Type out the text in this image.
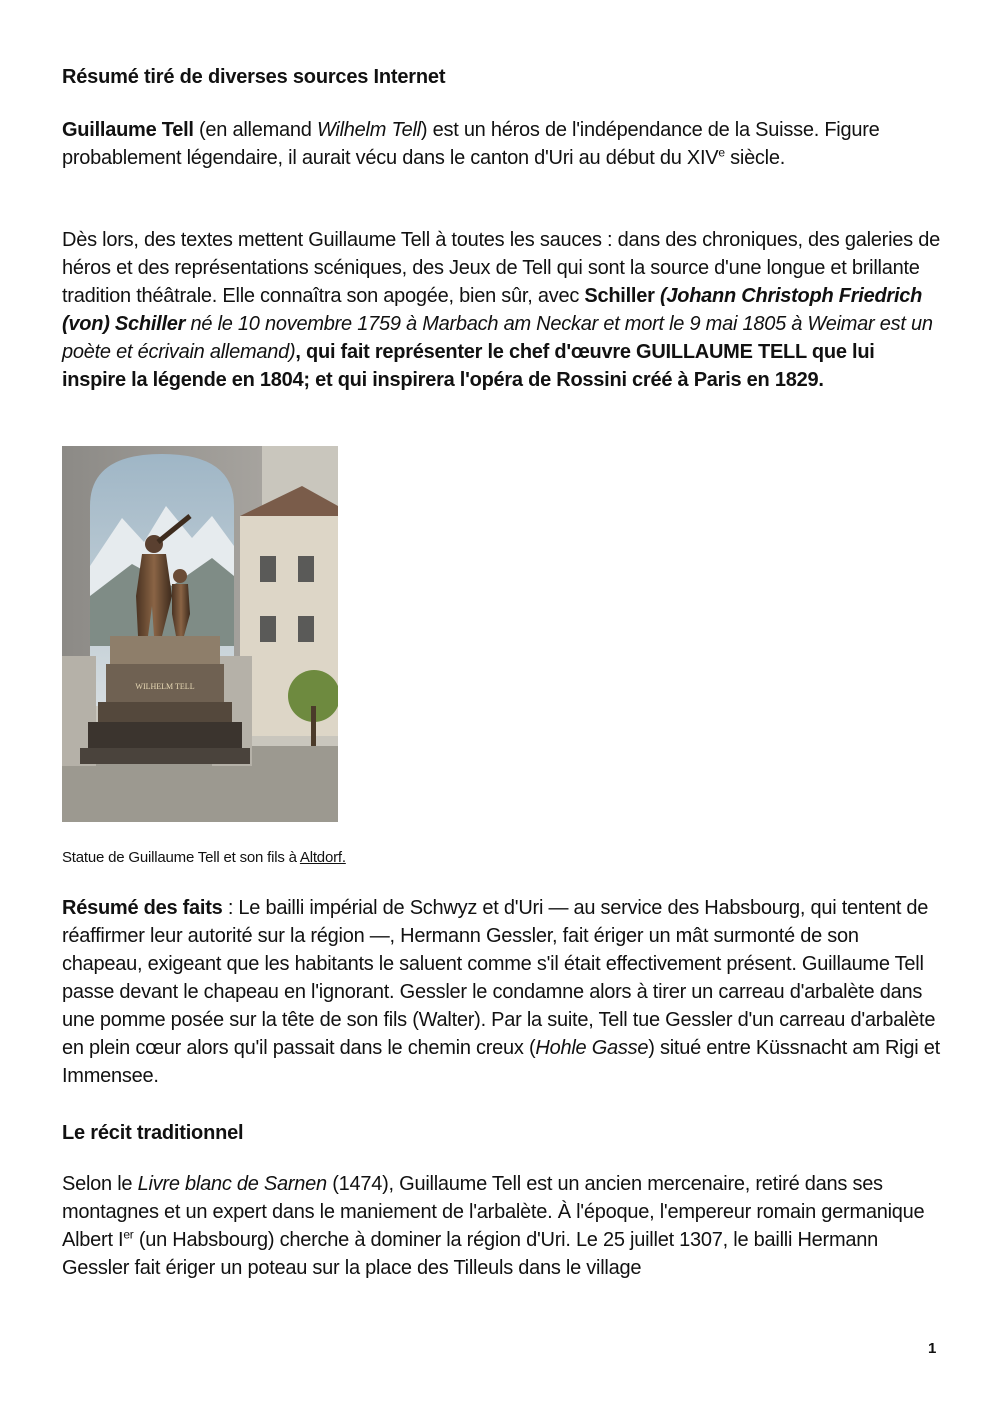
Résumé tiré de diverses sources Internet
Guillaume Tell (en allemand Wilhelm Tell) est un héros de l'indépendance de la Suisse. Figure probablement légendaire, il aurait vécu dans le canton d'Uri au début du XIVe siècle.
Dès lors, des textes mettent Guillaume Tell à toutes les sauces : dans des chroniques, des galeries de héros et des représentations scéniques, des Jeux de Tell qui sont la source d'une longue et brillante tradition théâtrale. Elle connaîtra son apogée, bien sûr, avec Schiller (Johann Christoph Friedrich (von) Schiller né le 10 novembre 1759 à Marbach am Neckar et mort le 9 mai 1805 à Weimar est un poète et écrivain allemand), qui fait représenter le chef d'œuvre GUILLAUME TELL que lui inspire la légende en 1804; et qui inspirera l'opéra de Rossini créé à Paris en 1829.
WILHELM TELL
Statue de Guillaume Tell et son fils à Altdorf.
Résumé des faits : Le bailli impérial de Schwyz et d'Uri — au service des Habsbourg, qui tentent de réaffirmer leur autorité sur la région —, Hermann Gessler, fait ériger un mât surmonté de son chapeau, exigeant que les habitants le saluent comme s'il était effectivement présent. Guillaume Tell passe devant le chapeau en l'ignorant. Gessler le condamne alors à tirer un carreau d'arbalète dans une pomme posée sur la tête de son fils (Walter). Par la suite, Tell tue Gessler d'un carreau d'arbalète en plein cœur alors qu'il passait dans le chemin creux (Hohle Gasse) situé entre Küssnacht am Rigi et Immensee.
Le récit traditionnel
Selon le Livre blanc de Sarnen (1474), Guillaume Tell est un ancien mercenaire, retiré dans ses montagnes et un expert dans le maniement de l'arbalète. À l'époque, l'empereur romain germanique Albert Ier (un Habsbourg) cherche à dominer la région d'Uri. Le 25 juillet 1307, le bailli Hermann Gessler fait ériger un poteau sur la place des Tilleuls dans le village
1
